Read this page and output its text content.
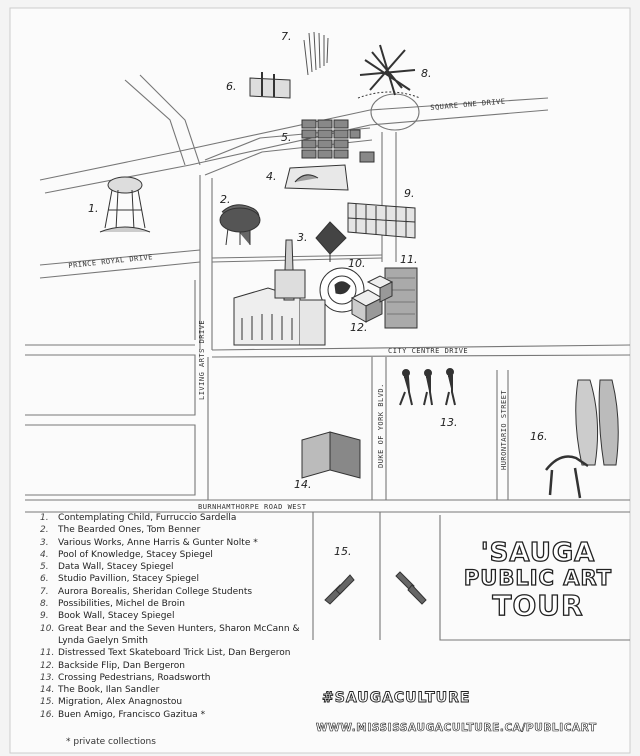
SQUARE ONE DRIVE
PRINCE ROYAL DRIVE
DUKE OF YORK BLVD.
LIVING ARTS DRIVE	CITY CENTRE DRIVE
BURNHAMTHORPE ROAD WEST
HURONTARIO STREET
1.
2.
3.
4.
5.
6.
7.
8.
9.
10.	11.
12.
13.
14.
15.
16.
1.	Contemplating Child, Furruccio Sardella
2.	The Bearded Ones, Tom Benner
3.	Various Works, Anne Harris & Gunter Nolte *
4.	Pool of Knowledge, Stacey Spiegel
5.	Data Wall, Stacey Spiegel
6.	Studio Pavillion, Stacey Spiegel
7.	Aurora Borealis, Sheridan College Students
8.	Possibilities, Michel de Broin
9.	Book Wall, Stacey Spiegel
10. Great Bear and the Seven Hunters, Sharon McCann & Lynda Gaelyn Smith
11. Distressed Text Skateboard Trick List, Dan Bergeron
12. Backside Flip, Dan Bergeron
13. Crossing Pedestrians, Roadsworth
14. The Book, Ilan Sandler
15. Migration, Alex Anagnostou
16. Buen Amigo, Francisco Gazitua *
* private collections
'SAUGA
PUBLIC ART
TOUR
#SAUGACULTURE
WWW.MISSISSAUGACULTURE.CA/PUBLICART
